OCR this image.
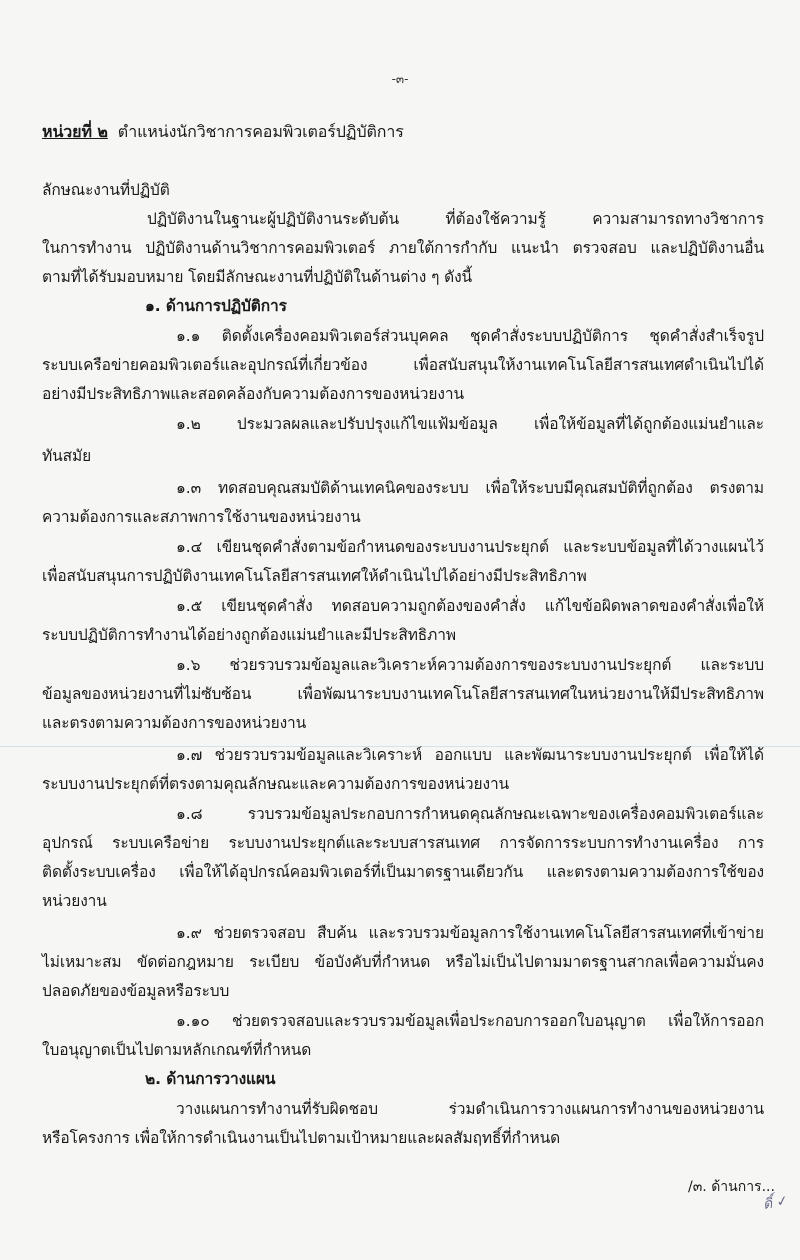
-๓-
หน่วยที่ ๒ ตำแหน่งนักวิชาการคอมพิวเตอร์ปฏิบัติการ
ลักษณะงานที่ปฏิบัติ
ปฏิบัติงานในฐานะผู้ปฏิบัติงานระดับต้น ที่ต้องใช้ความรู้ ความสามารถทางวิชาการ
ในการทำงาน ปฏิบัติงานด้านวิชาการคอมพิวเตอร์ ภายใต้การกำกับ แนะนำ ตรวจสอบ และปฏิบัติงานอื่น
ตามที่ได้รับมอบหมาย โดยมีลักษณะงานที่ปฏิบัติในด้านต่าง ๆ ดังนี้
๑. ด้านการปฏิบัติการ
๑.๑ ติดตั้งเครื่องคอมพิวเตอร์ส่วนบุคคล ชุดคำสั่งระบบปฏิบัติการ ชุดคำสั่งสำเร็จรูป
ระบบเครือข่ายคอมพิวเตอร์และอุปกรณ์ที่เกี่ยวข้อง เพื่อสนับสนุนให้งานเทคโนโลยีสารสนเทศดำเนินไปได้
อย่างมีประสิทธิภาพและสอดคล้องกับความต้องการของหน่วยงาน
๑.๒ ประมวลผลและปรับปรุงแก้ไขแฟ้มข้อมูล เพื่อให้ข้อมูลที่ได้ถูกต้องแม่นยำและ
ทันสมัย
๑.๓ ทดสอบคุณสมบัติด้านเทคนิคของระบบ เพื่อให้ระบบมีคุณสมบัติที่ถูกต้อง ตรงตาม
ความต้องการและสภาพการใช้งานของหน่วยงาน
๑.๔ เขียนชุดคำสั่งตามข้อกำหนดของระบบงานประยุกต์ และระบบข้อมูลที่ได้วางแผนไว้
เพื่อสนับสนุนการปฏิบัติงานเทคโนโลยีสารสนเทศให้ดำเนินไปได้อย่างมีประสิทธิภาพ
๑.๕ เขียนชุดคำสั่ง ทดสอบความถูกต้องของคำสั่ง แก้ไขข้อผิดพลาดของคำสั่งเพื่อให้
ระบบปฏิบัติการทำงานได้อย่างถูกต้องแม่นยำและมีประสิทธิภาพ
๑.๖ ช่วยรวบรวมข้อมูลและวิเคราะห์ความต้องการของระบบงานประยุกต์ และระบบ
ข้อมูลของหน่วยงานที่ไม่ซับซ้อน เพื่อพัฒนาระบบงานเทคโนโลยีสารสนเทศในหน่วยงานให้มีประสิทธิภาพ
และตรงตามความต้องการของหน่วยงาน
๑.๗ ช่วยรวบรวมข้อมูลและวิเคราะห์ ออกแบบ และพัฒนาระบบงานประยุกต์ เพื่อให้ได้
ระบบงานประยุกต์ที่ตรงตามคุณลักษณะและความต้องการของหน่วยงาน
๑.๘ รวบรวมข้อมูลประกอบการกำหนดคุณลักษณะเฉพาะของเครื่องคอมพิวเตอร์และ
อุปกรณ์ ระบบเครือข่าย ระบบงานประยุกต์และระบบสารสนเทศ การจัดการระบบการทำงานเครื่อง การ
ติดตั้งระบบเครื่อง เพื่อให้ได้อุปกรณ์คอมพิวเตอร์ที่เป็นมาตรฐานเดียวกัน และตรงตามความต้องการใช้ของ
หน่วยงาน
๑.๙ ช่วยตรวจสอบ สืบค้น และรวบรวมข้อมูลการใช้งานเทคโนโลยีสารสนเทศที่เข้าข่าย
ไม่เหมาะสม ขัดต่อกฎหมาย ระเบียบ ข้อบังคับที่กำหนด หรือไม่เป็นไปตามมาตรฐานสากลเพื่อความมั่นคง
ปลอดภัยของข้อมูลหรือระบบ
๑.๑๐ ช่วยตรวจสอบและรวบรวมข้อมูลเพื่อประกอบการออกใบอนุญาต เพื่อให้การออก
ใบอนุญาตเป็นไปตามหลักเกณฑ์ที่กำหนด
๒. ด้านการวางแผน
วางแผนการทำงานที่รับผิดชอบ ร่วมดำเนินการวางแผนการทำงานของหน่วยงาน
หรือโครงการ เพื่อให้การดำเนินงานเป็นไปตามเป้าหมายและผลสัมฤทธิ์ที่กำหนด
/๓. ด้านการ...
ดิ์ ✓
